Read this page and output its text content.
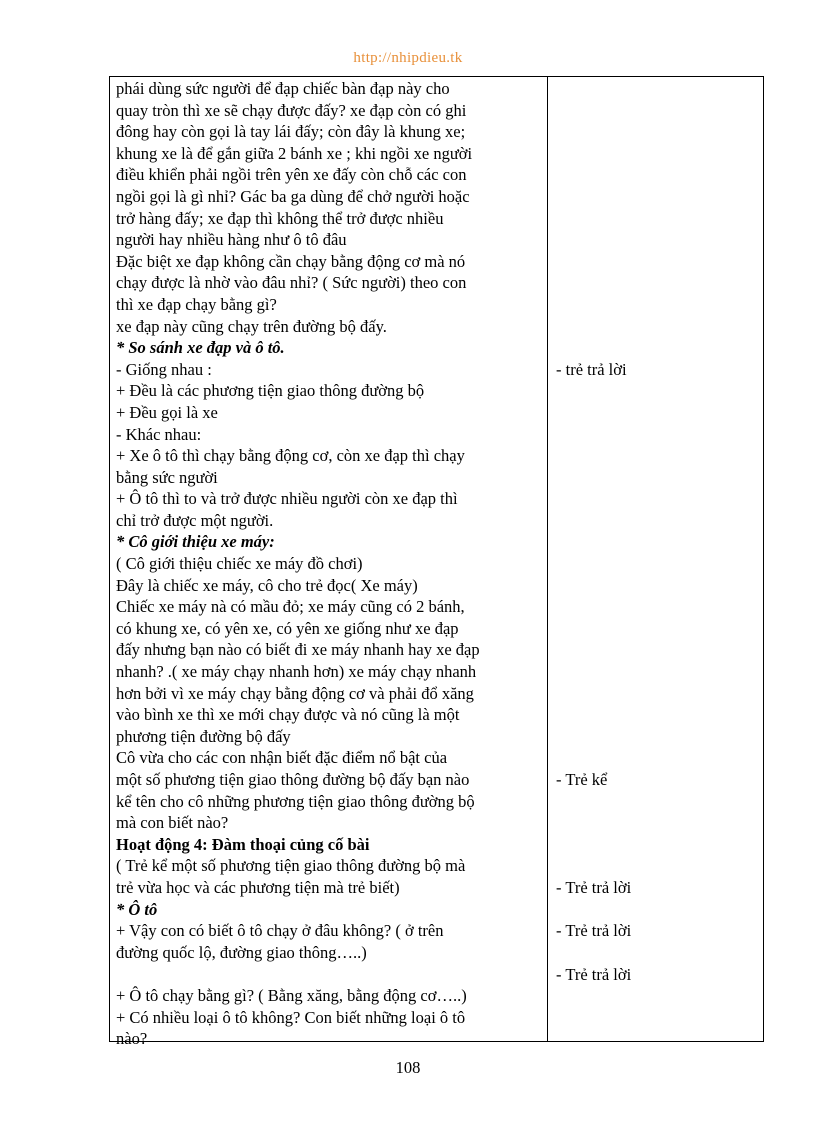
http://nhipdieu.tk
phái dùng sức người để đạp chiếc bàn đạp này cho
quay tròn thì xe sẽ chạy được đấy? xe đạp còn có ghi
đông hay còn gọi là tay lái đấy; còn đây là khung xe;
khung xe là để gắn giữa 2 bánh xe ; khi ngồi xe người
điều khiển phải ngồi trên yên xe đấy còn chỗ các con
ngồi gọi là gì nhỉ? Gác ba ga dùng để chở người hoặc
trở hàng đấy; xe đạp thì không thể trở được nhiều
người hay nhiều hàng như ô tô đâu
Đặc biệt xe đạp không cần chạy bằng động cơ mà nó
chạy được là nhờ vào đâu nhỉ? ( Sức người) theo con
thì xe đạp chạy bằng gì?
xe đạp này cũng chạy trên đường bộ đấy.
* So sánh xe đạp và ô tô.
- Giống nhau :
+ Đều là các phương tiện giao thông đường bộ
+ Đều gọi là xe
- Khác nhau:
+ Xe ô tô thì chạy bằng động cơ, còn xe đạp thì chạy
bằng sức người
+ Ô tô thì to và trở được nhiều người còn xe đạp thì
chỉ trở được một người.
* Cô giới thiệu xe máy:
( Cô giới thiệu chiếc xe máy đồ chơi)
Đây là chiếc xe máy, cô cho trẻ đọc( Xe máy)
Chiếc xe máy nà có mầu đỏ; xe máy cũng có 2 bánh,
có khung xe, có yên xe, có yên xe giống như xe đạp
đấy nhưng bạn nào có biết đi xe máy nhanh hay xe đạp
nhanh? .( xe máy chạy nhanh hơn) xe máy chạy nhanh
hơn bởi vì xe máy chạy bằng động cơ và phải đổ xăng
vào bình xe thì xe mới chạy được và nó cũng là một
phương tiện đường bộ đấy
Cô vừa cho các con nhận biết đặc điểm nổ bật của
một số phương tiện giao thông đường bộ đấy bạn nào
kể tên cho cô những phương tiện giao thông đường bộ
mà con biết nào?
Hoạt động 4: Đàm thoại củng cố bài
( Trẻ kể một số phương tiện giao thông đường bộ mà
trẻ vừa học và các phương tiện mà trẻ biết)
* Ô tô
+ Vậy con có biết ô tô chạy ở đâu không? ( ở trên
đường quốc lộ, đường giao thông…..)
+ Ô tô chạy bằng gì? ( Bằng xăng, bằng động cơ…..)
+ Có nhiều loại ô tô không? Con biết những loại ô tô
nào?
- trẻ trả lời
- Trẻ kể
- Trẻ trả lời
- Trẻ trả lời
- Trẻ trả lời
108
